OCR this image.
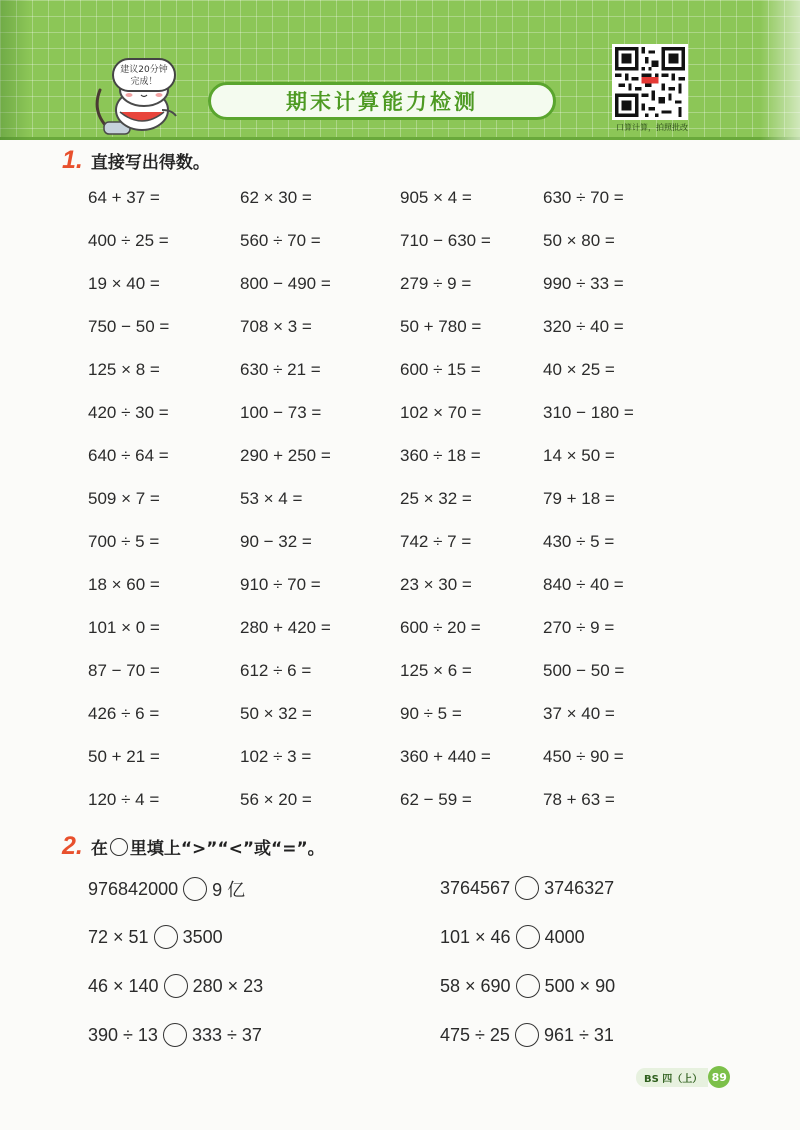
建议20分钟
完成！
期末计算能力检测
口算计算，拍照批改
1. 直接写出得数。
64 + 37 =	62 × 30 =	905 × 4 =	630 ÷ 70 =
400 ÷ 25 =	560 ÷ 70 =	710 − 630 =	50 × 80 =
19 × 40 =	800 − 490 =	279 ÷ 9 =	990 ÷ 33 =
750 − 50 =	708 × 3 =	50 + 780 =	320 ÷ 40 =
125 × 8 =	630 ÷ 21 =	600 ÷ 15 =	40 × 25 =
420 ÷ 30 =	100 − 73 =	102 × 70 =	310 − 180 =
640 ÷ 64 =	290 + 250 =	360 ÷ 18 =	14 × 50 =
509 × 7 =	53 × 4 =	25 × 32 =	79 + 18 =
700 ÷ 5 =	90 − 32 =	742 ÷ 7 =	430 ÷ 5 =
18 × 60 =	910 ÷ 70 =	23 × 30 =	840 ÷ 40 =
101 × 0 =	280 + 420 =	600 ÷ 20 =	270 ÷ 9 =
87 − 70 =	612 ÷ 6 =	125 × 6 =	500 − 50 =
426 ÷ 6 =	50 × 32 =	90 ÷ 5 =	37 × 40 =
50 + 21 =	102 ÷ 3 =	360 + 440 =	450 ÷ 90 =
120 ÷ 4 =	56 × 20 =	62 − 59 =	78 + 63 =
2. 在 里填上“>”“<”或“=”。
976842000 9 亿	3764567 3746327
72 × 51 3500	101 × 46 4000
46 × 140 280 × 23	58 × 690 500 × 90
390 ÷ 13 333 ÷ 37	475 ÷ 25 961 ÷ 31
BS 四（上） 89
